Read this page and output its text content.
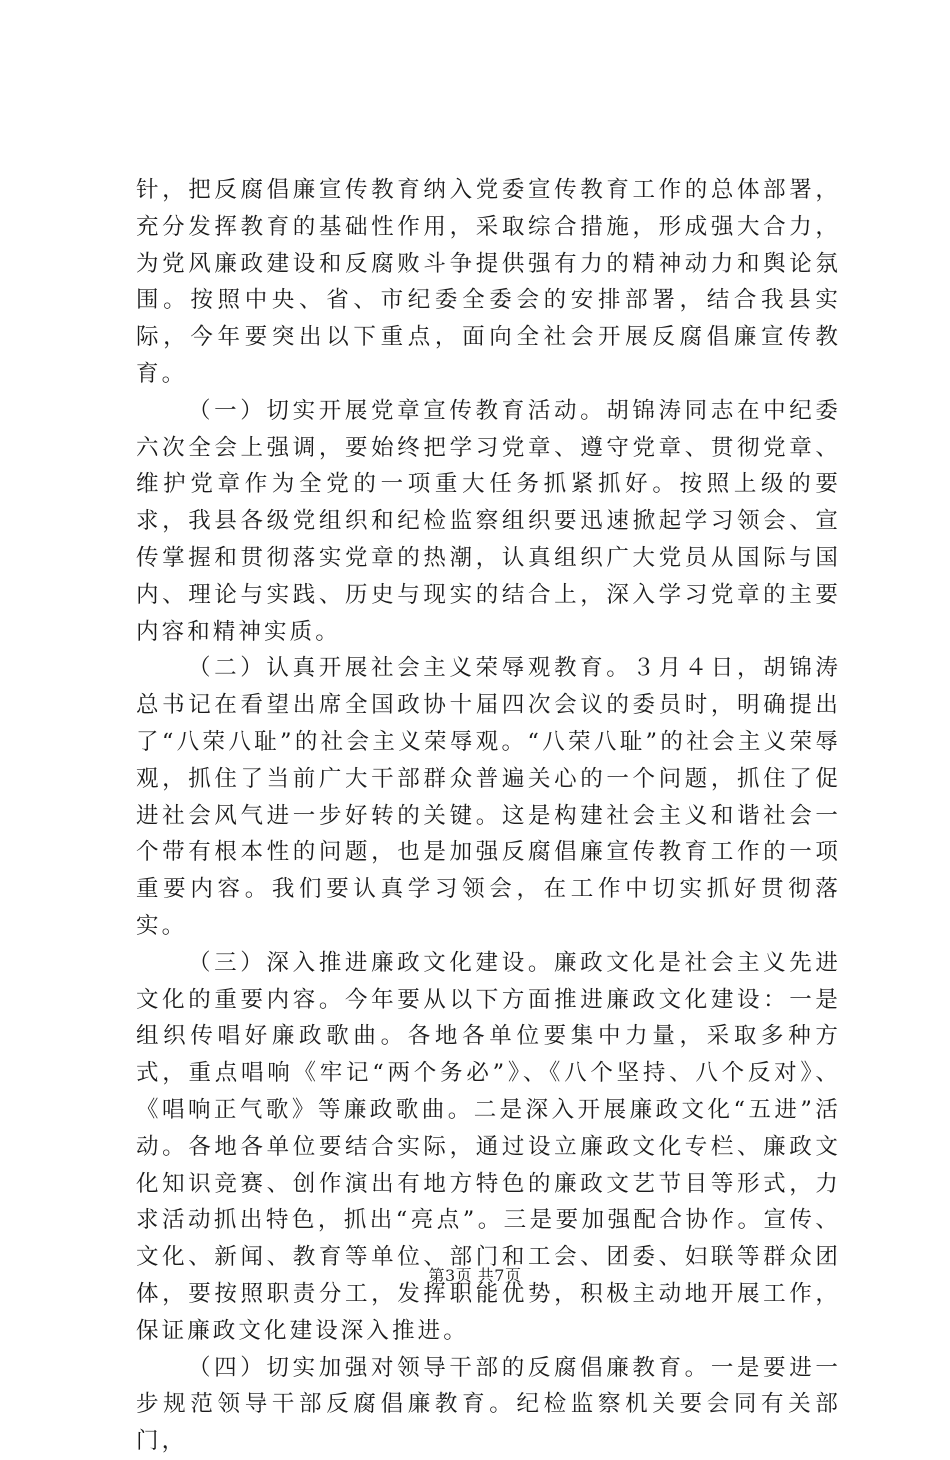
针，把反腐倡廉宣传教育纳入党委宣传教育工作的总体部署，充分发挥教育的基础性作用，采取综合措施，形成强大合力，为党风廉政建设和反腐败斗争提供强有力的精神动力和舆论氛围。按照中央、省、市纪委全委会的安排部署，结合我县实际，今年要突出以下重点，面向全社会开展反腐倡廉宣传教育。

（一）切实开展党章宣传教育活动。胡锦涛同志在中纪委六次全会上强调，要始终把学习党章、遵守党章、贯彻党章、维护党章作为全党的一项重大任务抓紧抓好。按照上级的要求，我县各级党组织和纪检监察组织要迅速掀起学习领会、宣传掌握和贯彻落实党章的热潮，认真组织广大党员从国际与国内、理论与实践、历史与现实的结合上，深入学习党章的主要内容和精神实质。

（二）认真开展社会主义荣辱观教育。３月４日，胡锦涛总书记在看望出席全国政协十届四次会议的委员时，明确提出了“八荣八耻”的社会主义荣辱观。“八荣八耻”的社会主义荣辱观，抓住了当前广大干部群众普遍关心的一个问题，抓住了促进社会风气进一步好转的关键。这是构建社会主义和谐社会一个带有根本性的问题，也是加强反腐倡廉宣传教育工作的一项重要内容。我们要认真学习领会，在工作中切实抓好贯彻落实。

（三）深入推进廉政文化建设。廉政文化是社会主义先进文化的重要内容。今年要从以下方面推进廉政文化建设：一是组织传唱好廉政歌曲。各地各单位要集中力量，采取多种方式，重点唱响《牢记“两个务必”》、《八个坚持、八个反对》、《唱响正气歌》等廉政歌曲。二是深入开展廉政文化“五进”活动。各地各单位要结合实际，通过设立廉政文化专栏、廉政文化知识竞赛、创作演出有地方特色的廉政文艺节目等形式，力求活动抓出特色，抓出“亮点”。三是要加强配合协作。宣传、文化、新闻、教育等单位、部门和工会、团委、妇联等群众团体，要按照职责分工，发挥职能优势，积极主动地开展工作，保证廉政文化建设深入推进。

（四）切实加强对领导干部的反腐倡廉教育。一是要进一步规范领导干部反腐倡廉教育。纪检监察机关要会同有关部门，

第3页 共7页
